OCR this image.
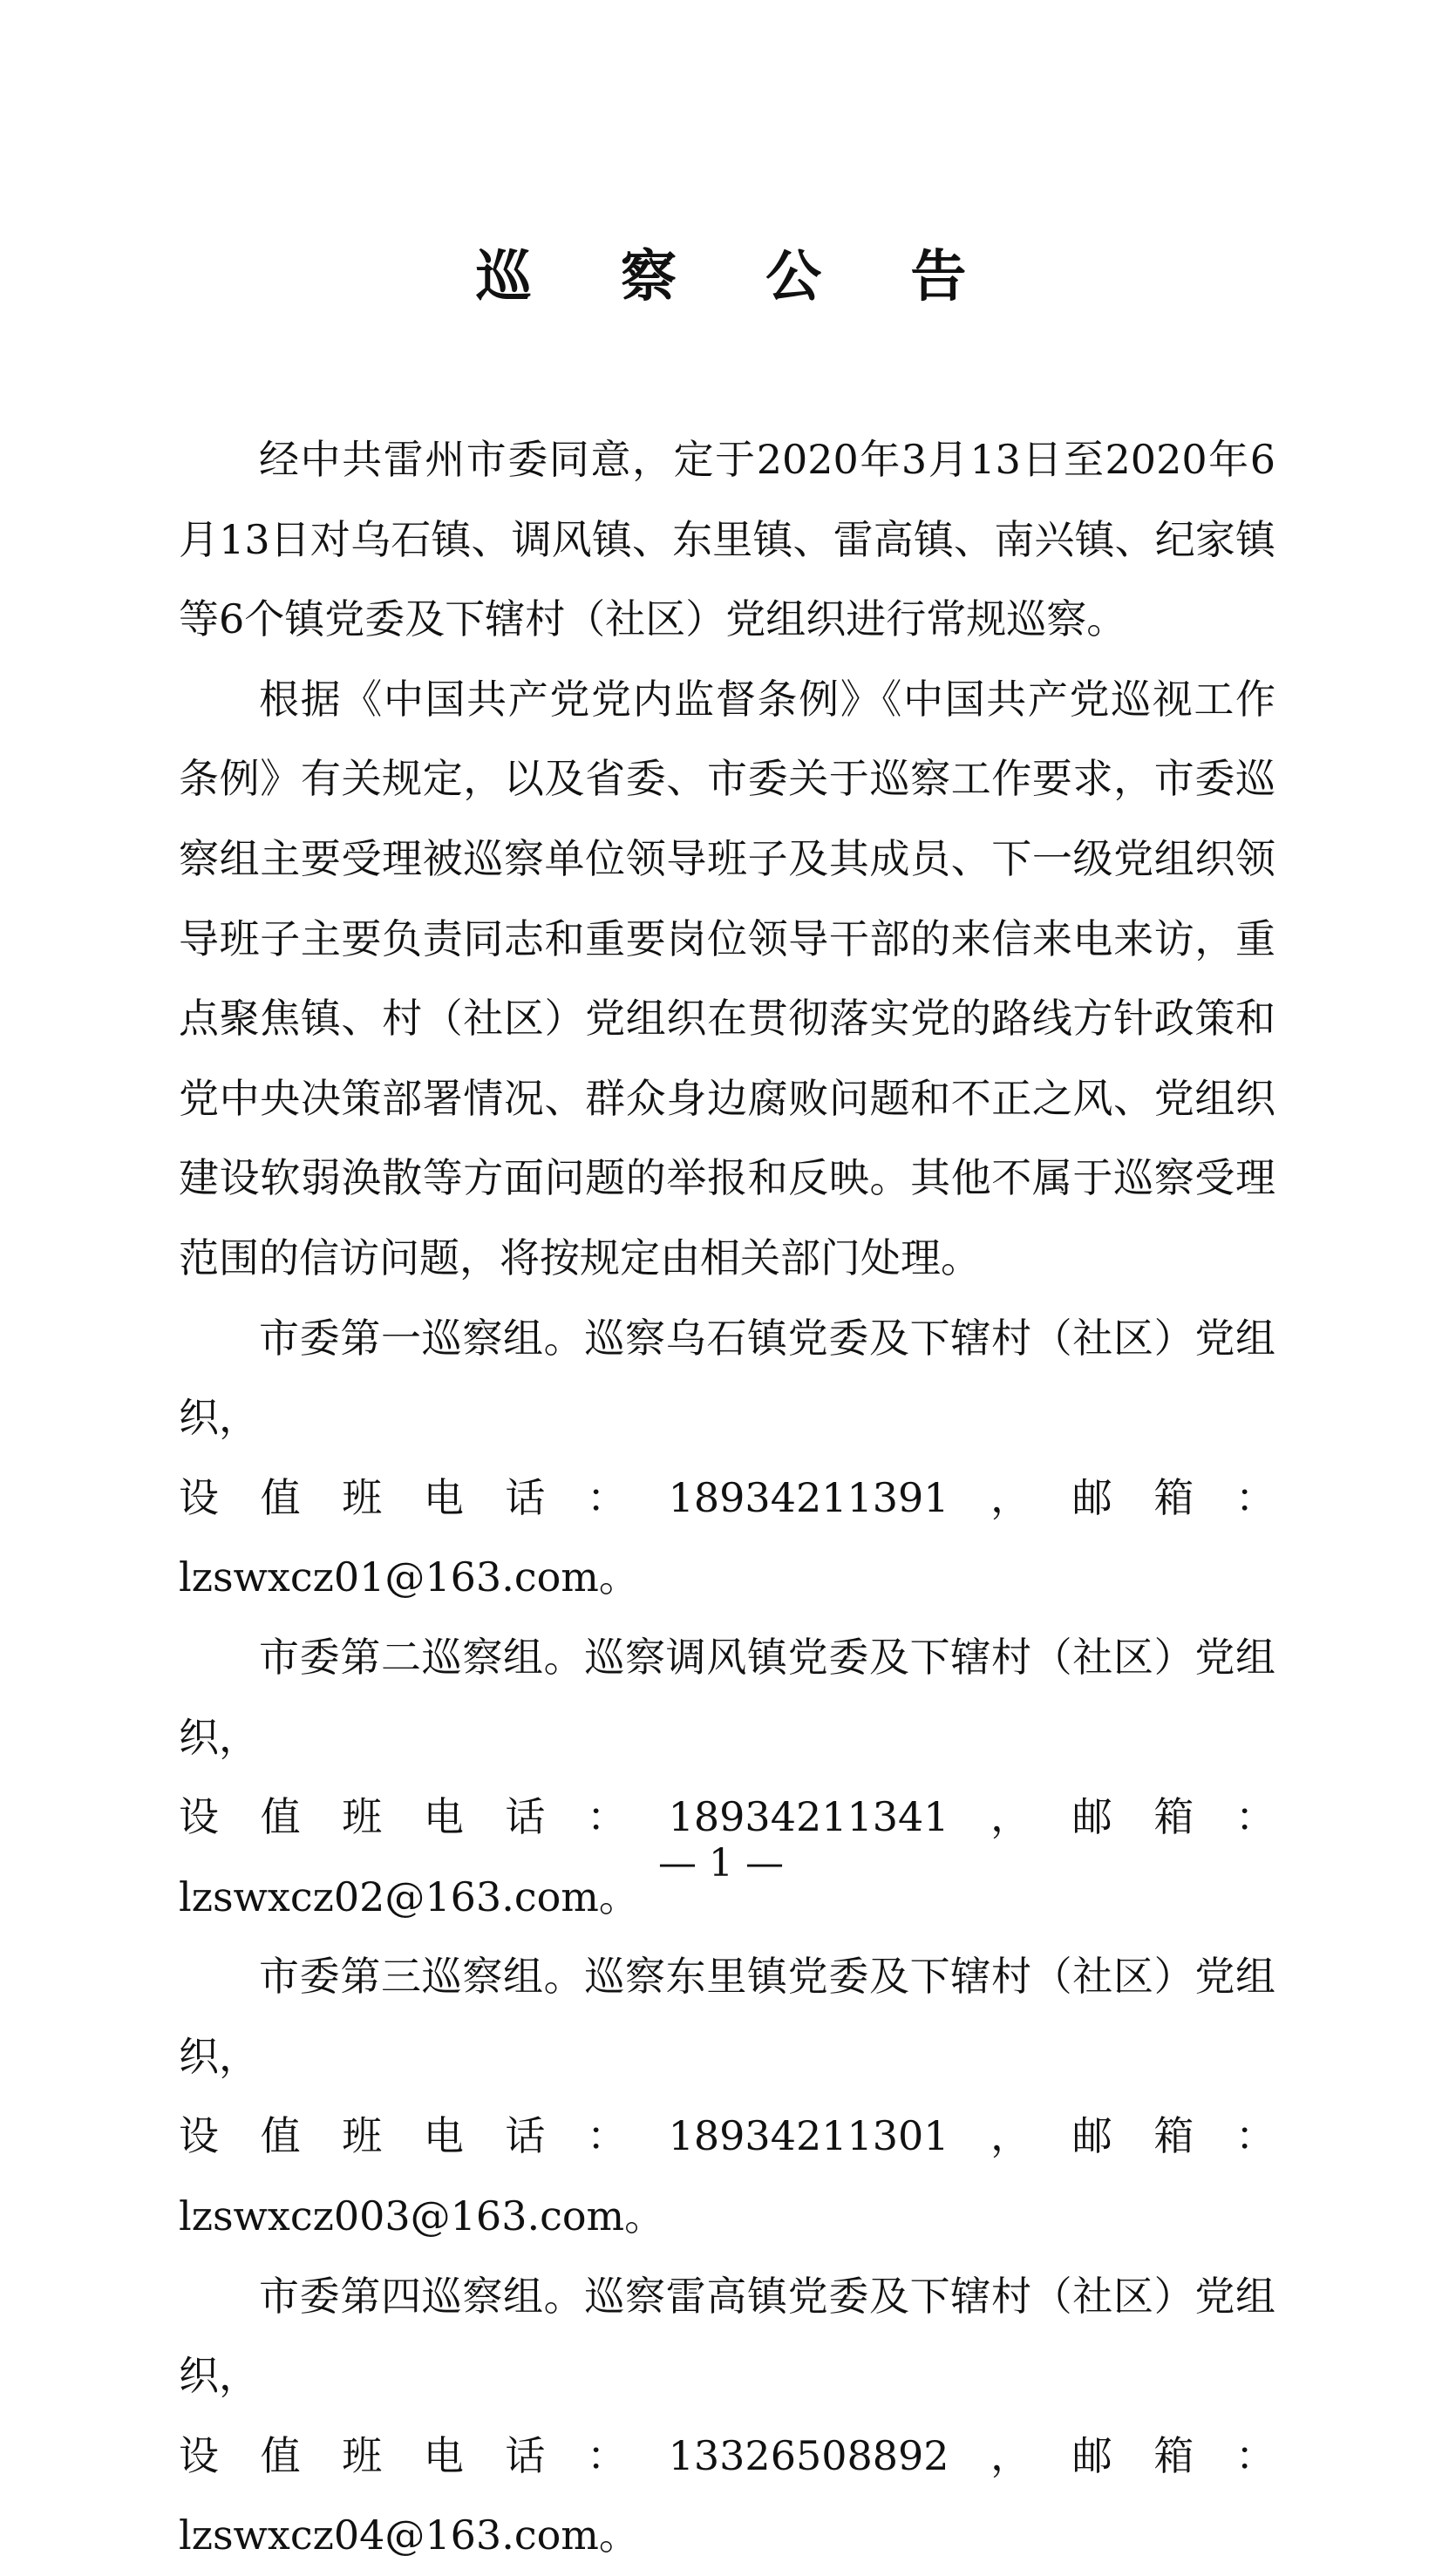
巡 察 公 告

经中共雷州市委同意，定于2020年3月13日至2020年6月13日对乌石镇、调风镇、东里镇、雷高镇、南兴镇、纪家镇等6个镇党委及下辖村（社区）党组织进行常规巡察。

根据《中国共产党党内监督条例》《中国共产党巡视工作条例》有关规定，以及省委、市委关于巡察工作要求，市委巡察组主要受理被巡察单位领导班子及其成员、下一级党组织领导班子主要负责同志和重要岗位领导干部的来信来电来访，重点聚焦镇、村（社区）党组织在贯彻落实党的路线方针政策和党中央决策部署情况、群众身边腐败问题和不正之风、党组织建设软弱涣散等方面问题的举报和反映。其他不属于巡察受理范围的信访问题，将按规定由相关部门处理。

市委第一巡察组。巡察乌石镇党委及下辖村（社区）党组织，
设值班电话：18934211391，邮箱：lzswxcz01@163.com。
市委第二巡察组。巡察调风镇党委及下辖村（社区）党组织，
设值班电话：18934211341，邮箱：lzswxcz02@163.com。
市委第三巡察组。巡察东里镇党委及下辖村（社区）党组织，
设值班电话：18934211301，邮箱：lzswxcz003@163.com。
市委第四巡察组。巡察雷高镇党委及下辖村（社区）党组织，
设值班电话：13326508892，邮箱：lzswxcz04@163.com。
— 1 —
